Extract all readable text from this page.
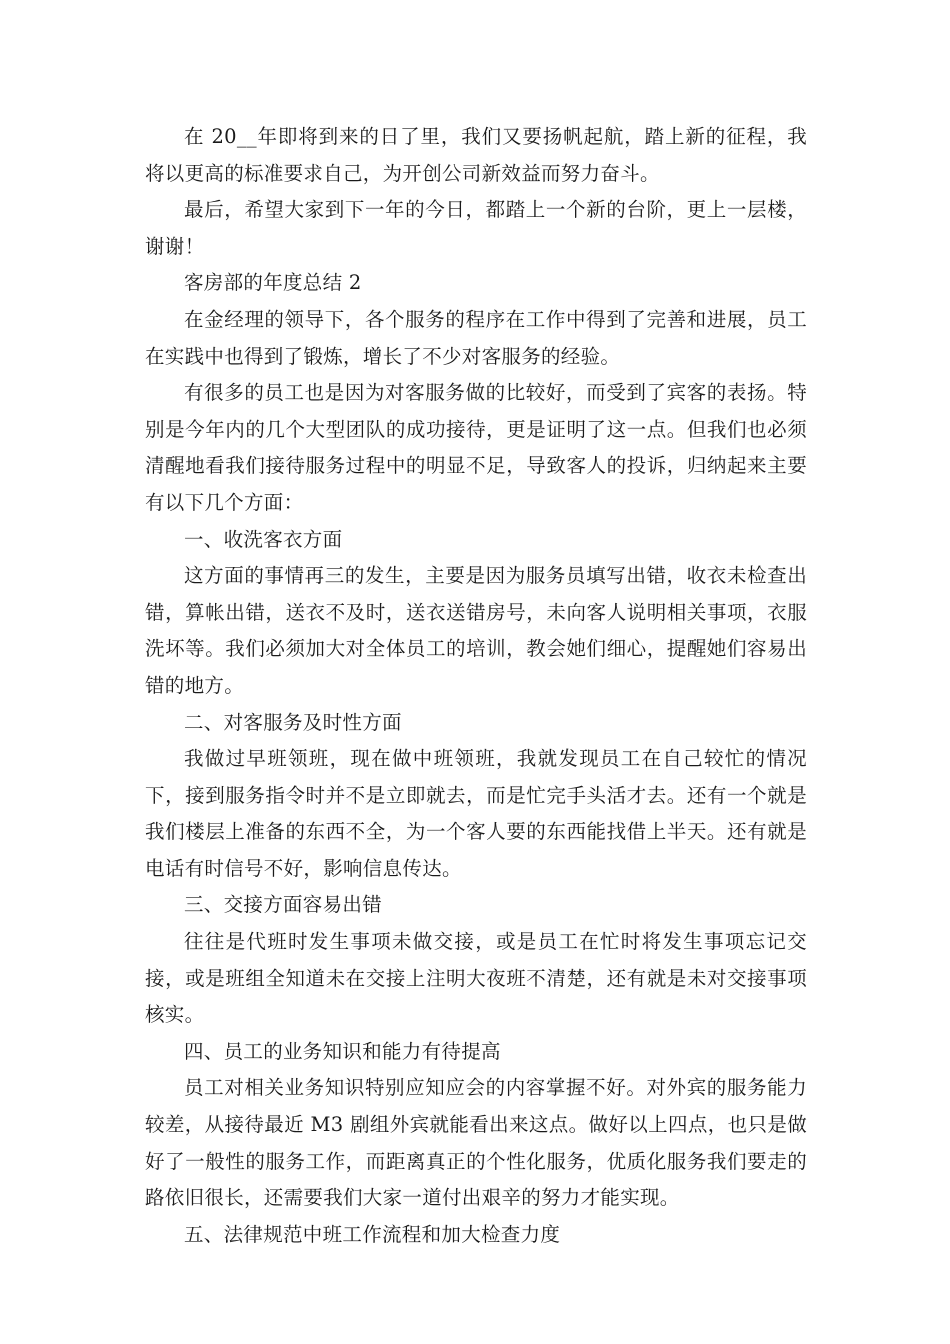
在 20__年即将到来的日了里，我们又要扬帆起航，踏上新的征程，我将以更高的标准要求自己，为开创公司新效益而努力奋斗。

最后，希望大家到下一年的今日，都踏上一个新的台阶，更上一层楼，谢谢！

客房部的年度总结 2

在金经理的领导下，各个服务的程序在工作中得到了完善和进展，员工在实践中也得到了锻炼，增长了不少对客服务的经验。

有很多的员工也是因为对客服务做的比较好，而受到了宾客的表扬。特别是今年内的几个大型团队的成功接待，更是证明了这一点。但我们也必须清醒地看我们接待服务过程中的明显不足，导致客人的投诉，归纳起来主要有以下几个方面：

一、收洗客衣方面

这方面的事情再三的发生，主要是因为服务员填写出错，收衣未检查出错，算帐出错，送衣不及时，送衣送错房号，未向客人说明相关事项，衣服洗坏等。我们必须加大对全体员工的培训，教会她们细心，提醒她们容易出错的地方。

二、对客服务及时性方面

我做过早班领班，现在做中班领班，我就发现员工在自己较忙的情况下，接到服务指令时并不是立即就去，而是忙完手头活才去。还有一个就是我们楼层上准备的东西不全，为一个客人要的东西能找借上半天。还有就是电话有时信号不好，影响信息传达。

三、交接方面容易出错

往往是代班时发生事项未做交接，或是员工在忙时将发生事项忘记交接，或是班组全知道未在交接上注明大夜班不清楚，还有就是未对交接事项核实。

四、员工的业务知识和能力有待提高

员工对相关业务知识特别应知应会的内容掌握不好。对外宾的服务能力较差，从接待最近 M3 剧组外宾就能看出来这点。做好以上四点，也只是做好了一般性的服务工作，而距离真正的个性化服务，优质化服务我们要走的路依旧很长，还需要我们大家一道付出艰辛的努力才能实现。

五、法律规范中班工作流程和加大检查力度
